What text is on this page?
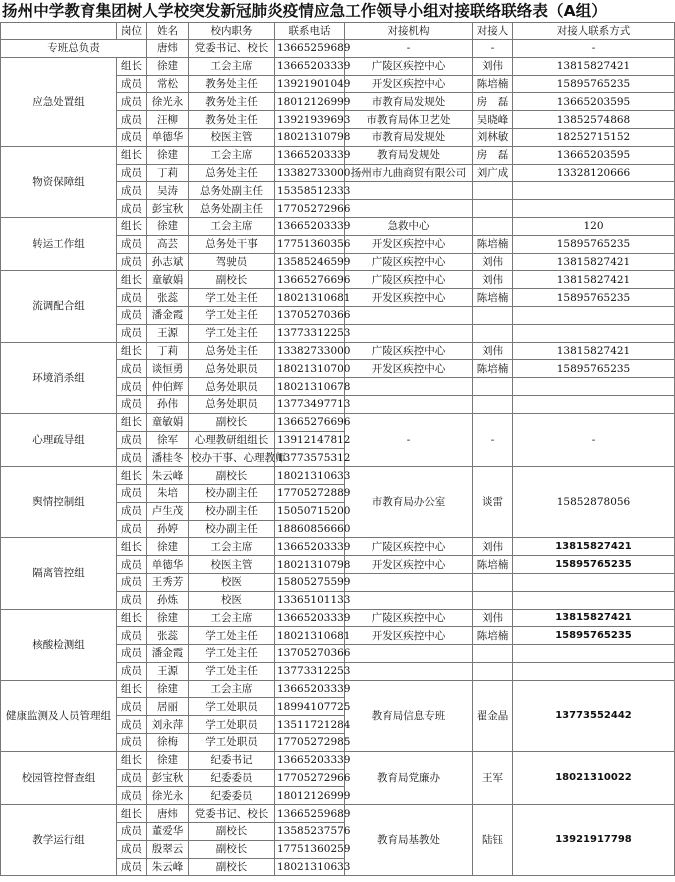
扬州中学教育集团树人学校突发新冠肺炎疫情应急工作领导小组对接联络联络表（A组）
	岗位	姓名	校内职务	联系电话	对接机构	对接人	对接人联系方式
专班总负责		唐炜	党委书记、校长	13665259689	-	-	-
应急处置组	组长	徐建	工会主席	13665203339	广陵区疾控中心	刘伟	13815827421
	成员	常松	教务处主任	13921901049	开发区疾控中心	陈培楠	15895765235
	成员	徐光永	教务处主任	18012126999	市教育局发规处	房　磊	13665203595
	成员	汪柳	教务处主任	13921939693	市教育局体卫艺处	吴晓峰	13852574868
	成员	单德华	校医主管	18021310798	市教育局发规处	刘林敏	18252715152
物资保障组	组长	徐建	工会主席	13665203339	教育局发规处	房　磊	13665203595
	成员	丁莉	总务处主任	13382733000	扬州市九曲商贸有限公司	刘广成	13328120666
	成员	吴涛	总务处副主任	15358512333			
	成员	彭宝秋	总务处副主任	17705272966			
转运工作组	组长	徐建	工会主席	13665203339	急救中心		120
	成员	高芸	总务处干事	17751360356	开发区疾控中心	陈培楠	15895765235
	成员	孙志斌	驾驶员	13585246599	广陵区疾控中心	刘伟	13815827421
流调配合组	组长	童敏娟	副校长	13665276696	广陵区疾控中心	刘伟	13815827421
	成员	张蕊	学工处主任	18021310681	开发区疾控中心	陈培楠	15895765235
	成员	潘金霞	学工处主任	13705270366			
	成员	王源	学工处主任	13773312253			
环境消杀组	组长	丁莉	总务处主任	13382733000	广陵区疾控中心	刘伟	13815827421
	成员	谈恒勇	总务处职员	18021310700	开发区疾控中心	陈培楠	15895765235
	成员	仲伯辉	总务处职员	18021310678			
	成员	孙伟	总务处职员	13773497713			
心理疏导组	组长	童敏娟	副校长	13665276696	-	-	-
	成员	徐军	心理教研组组长	13912147812			
	成员	潘桂冬	校办干事、心理教师	13773575312			
舆情控制组	组长	朱云峰	副校长	18021310633	市教育局办公室	谈雷	15852878056
	成员	朱培	校办副主任	17705272889			
	成员	卢生茂	校办副主任	15050715200			
	成员	孙婷	校办副主任	18860856660			
隔离管控组	组长	徐建	工会主席	13665203339	广陵区疾控中心	刘伟	13815827421
	成员	单德华	校医主管	18021310798	开发区疾控中心	陈培楠	15895765235
	成员	王秀芳	校医	15805275599			
	成员	孙炼	校医	13365101133			
核酸检测组	组长	徐建	工会主席	13665203339	广陵区疾控中心	刘伟	13815827421
	成员	张蕊	学工处主任	18021310681	开发区疾控中心	陈培楠	15895765235
	成员	潘金霞	学工处主任	13705270366			
	成员	王源	学工处主任	13773312253			
健康监测及人员管理组	组长	徐建	工会主席	13665203339	教育局信息专班	翟金晶	13773552442
	成员	居丽	学工处职员	18994107725			
	成员	刘永萍	学工处职员	13511721284			
	成员	徐梅	学工处职员	17705272985			
校园管控督查组	组长	徐建	纪委书记	13665203339	教育局党廉办	王军	18021310022
	成员	彭宝秋	纪委委员	17705272966			
	成员	徐光永	纪委委员	18012126999			
教学运行组	组长	唐炜	党委书记、校长	13665259689	教育局基教处	陆钰	13921917798
	成员	董爱华	副校长	13585237576			
	成员	殷翠云	副校长	17751360259			
	成员	朱云峰	副校长	18021310633			
